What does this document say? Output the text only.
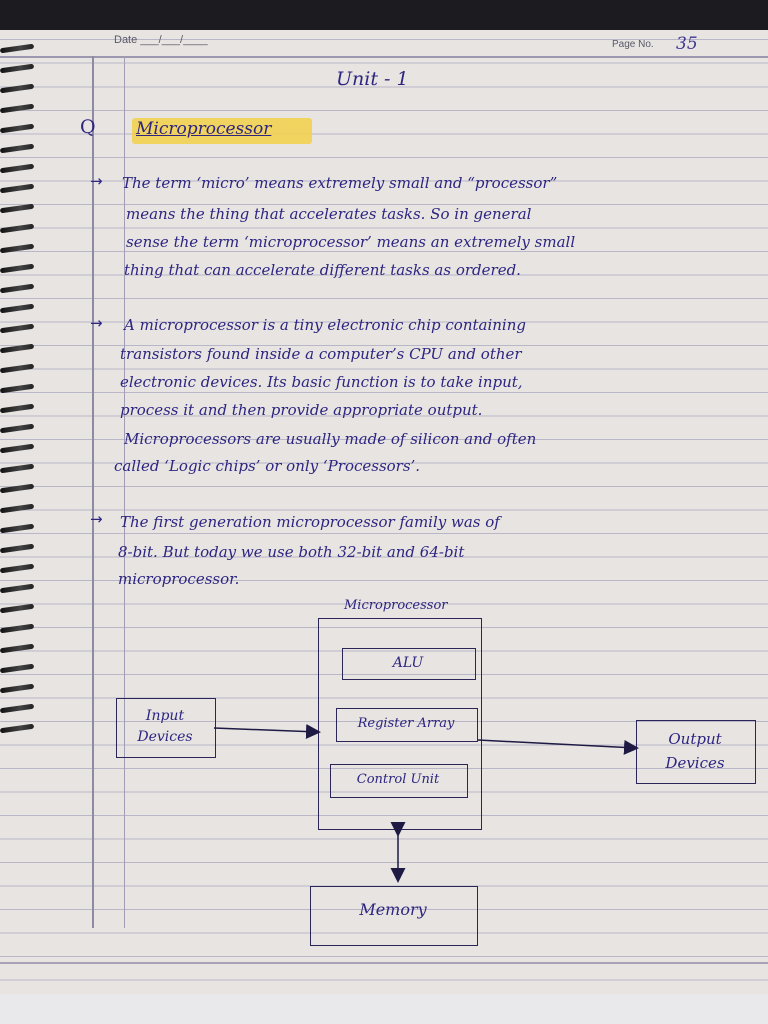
Date ___/___/____	Page No. 35
Unit - 1
Q Microprocessor
→ The term ‘micro’ means extremely small and “processor”
means the thing that accelerates tasks. So in general
sense the term ‘microprocessor’ means an extremely small
thing that can accelerate different tasks as ordered.
→ A microprocessor is a tiny electronic chip containing
transistors found inside a computer’s CPU and other
electronic devices. Its basic function is to take input,
process it and then provide appropriate output.
Microprocessors are usually made of silicon and often
called ‘Logic chips’ or only ‘Processors’.
→ The first generation microprocessor family was of
8-bit. But today we use both 32-bit and 64-bit
microprocessor.
Microprocessor
ALU
Register Array
Control Unit
Input
Devices	Output
Devices
Memory
